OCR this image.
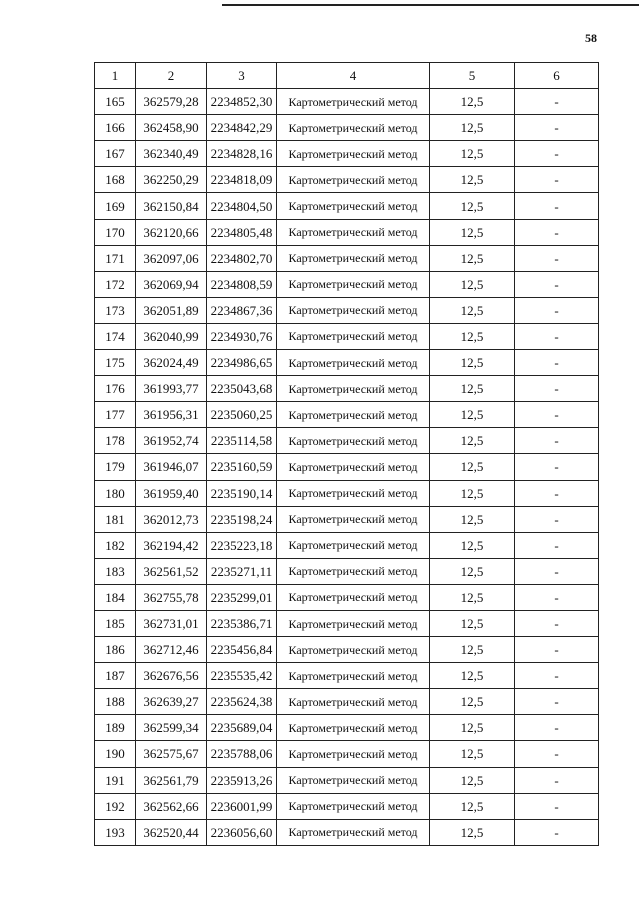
58
1	2	3	4	5	6
165	362579,28	2234852,30	Картометрический метод	12,5	-
166	362458,90	2234842,29	Картометрический метод	12,5	-
167	362340,49	2234828,16	Картометрический метод	12,5	-
168	362250,29	2234818,09	Картометрический метод	12,5	-
169	362150,84	2234804,50	Картометрический метод	12,5	-
170	362120,66	2234805,48	Картометрический метод	12,5	-
171	362097,06	2234802,70	Картометрический метод	12,5	-
172	362069,94	2234808,59	Картометрический метод	12,5	-
173	362051,89	2234867,36	Картометрический метод	12,5	-
174	362040,99	2234930,76	Картометрический метод	12,5	-
175	362024,49	2234986,65	Картометрический метод	12,5	-
176	361993,77	2235043,68	Картометрический метод	12,5	-
177	361956,31	2235060,25	Картометрический метод	12,5	-
178	361952,74	2235114,58	Картометрический метод	12,5	-
179	361946,07	2235160,59	Картометрический метод	12,5	-
180	361959,40	2235190,14	Картометрический метод	12,5	-
181	362012,73	2235198,24	Картометрический метод	12,5	-
182	362194,42	2235223,18	Картометрический метод	12,5	-
183	362561,52	2235271,11	Картометрический метод	12,5	-
184	362755,78	2235299,01	Картометрический метод	12,5	-
185	362731,01	2235386,71	Картометрический метод	12,5	-
186	362712,46	2235456,84	Картометрический метод	12,5	-
187	362676,56	2235535,42	Картометрический метод	12,5	-
188	362639,27	2235624,38	Картометрический метод	12,5	-
189	362599,34	2235689,04	Картометрический метод	12,5	-
190	362575,67	2235788,06	Картометрический метод	12,5	-
191	362561,79	2235913,26	Картометрический метод	12,5	-
192	362562,66	2236001,99	Картометрический метод	12,5	-
193	362520,44	2236056,60	Картометрический метод	12,5	-
